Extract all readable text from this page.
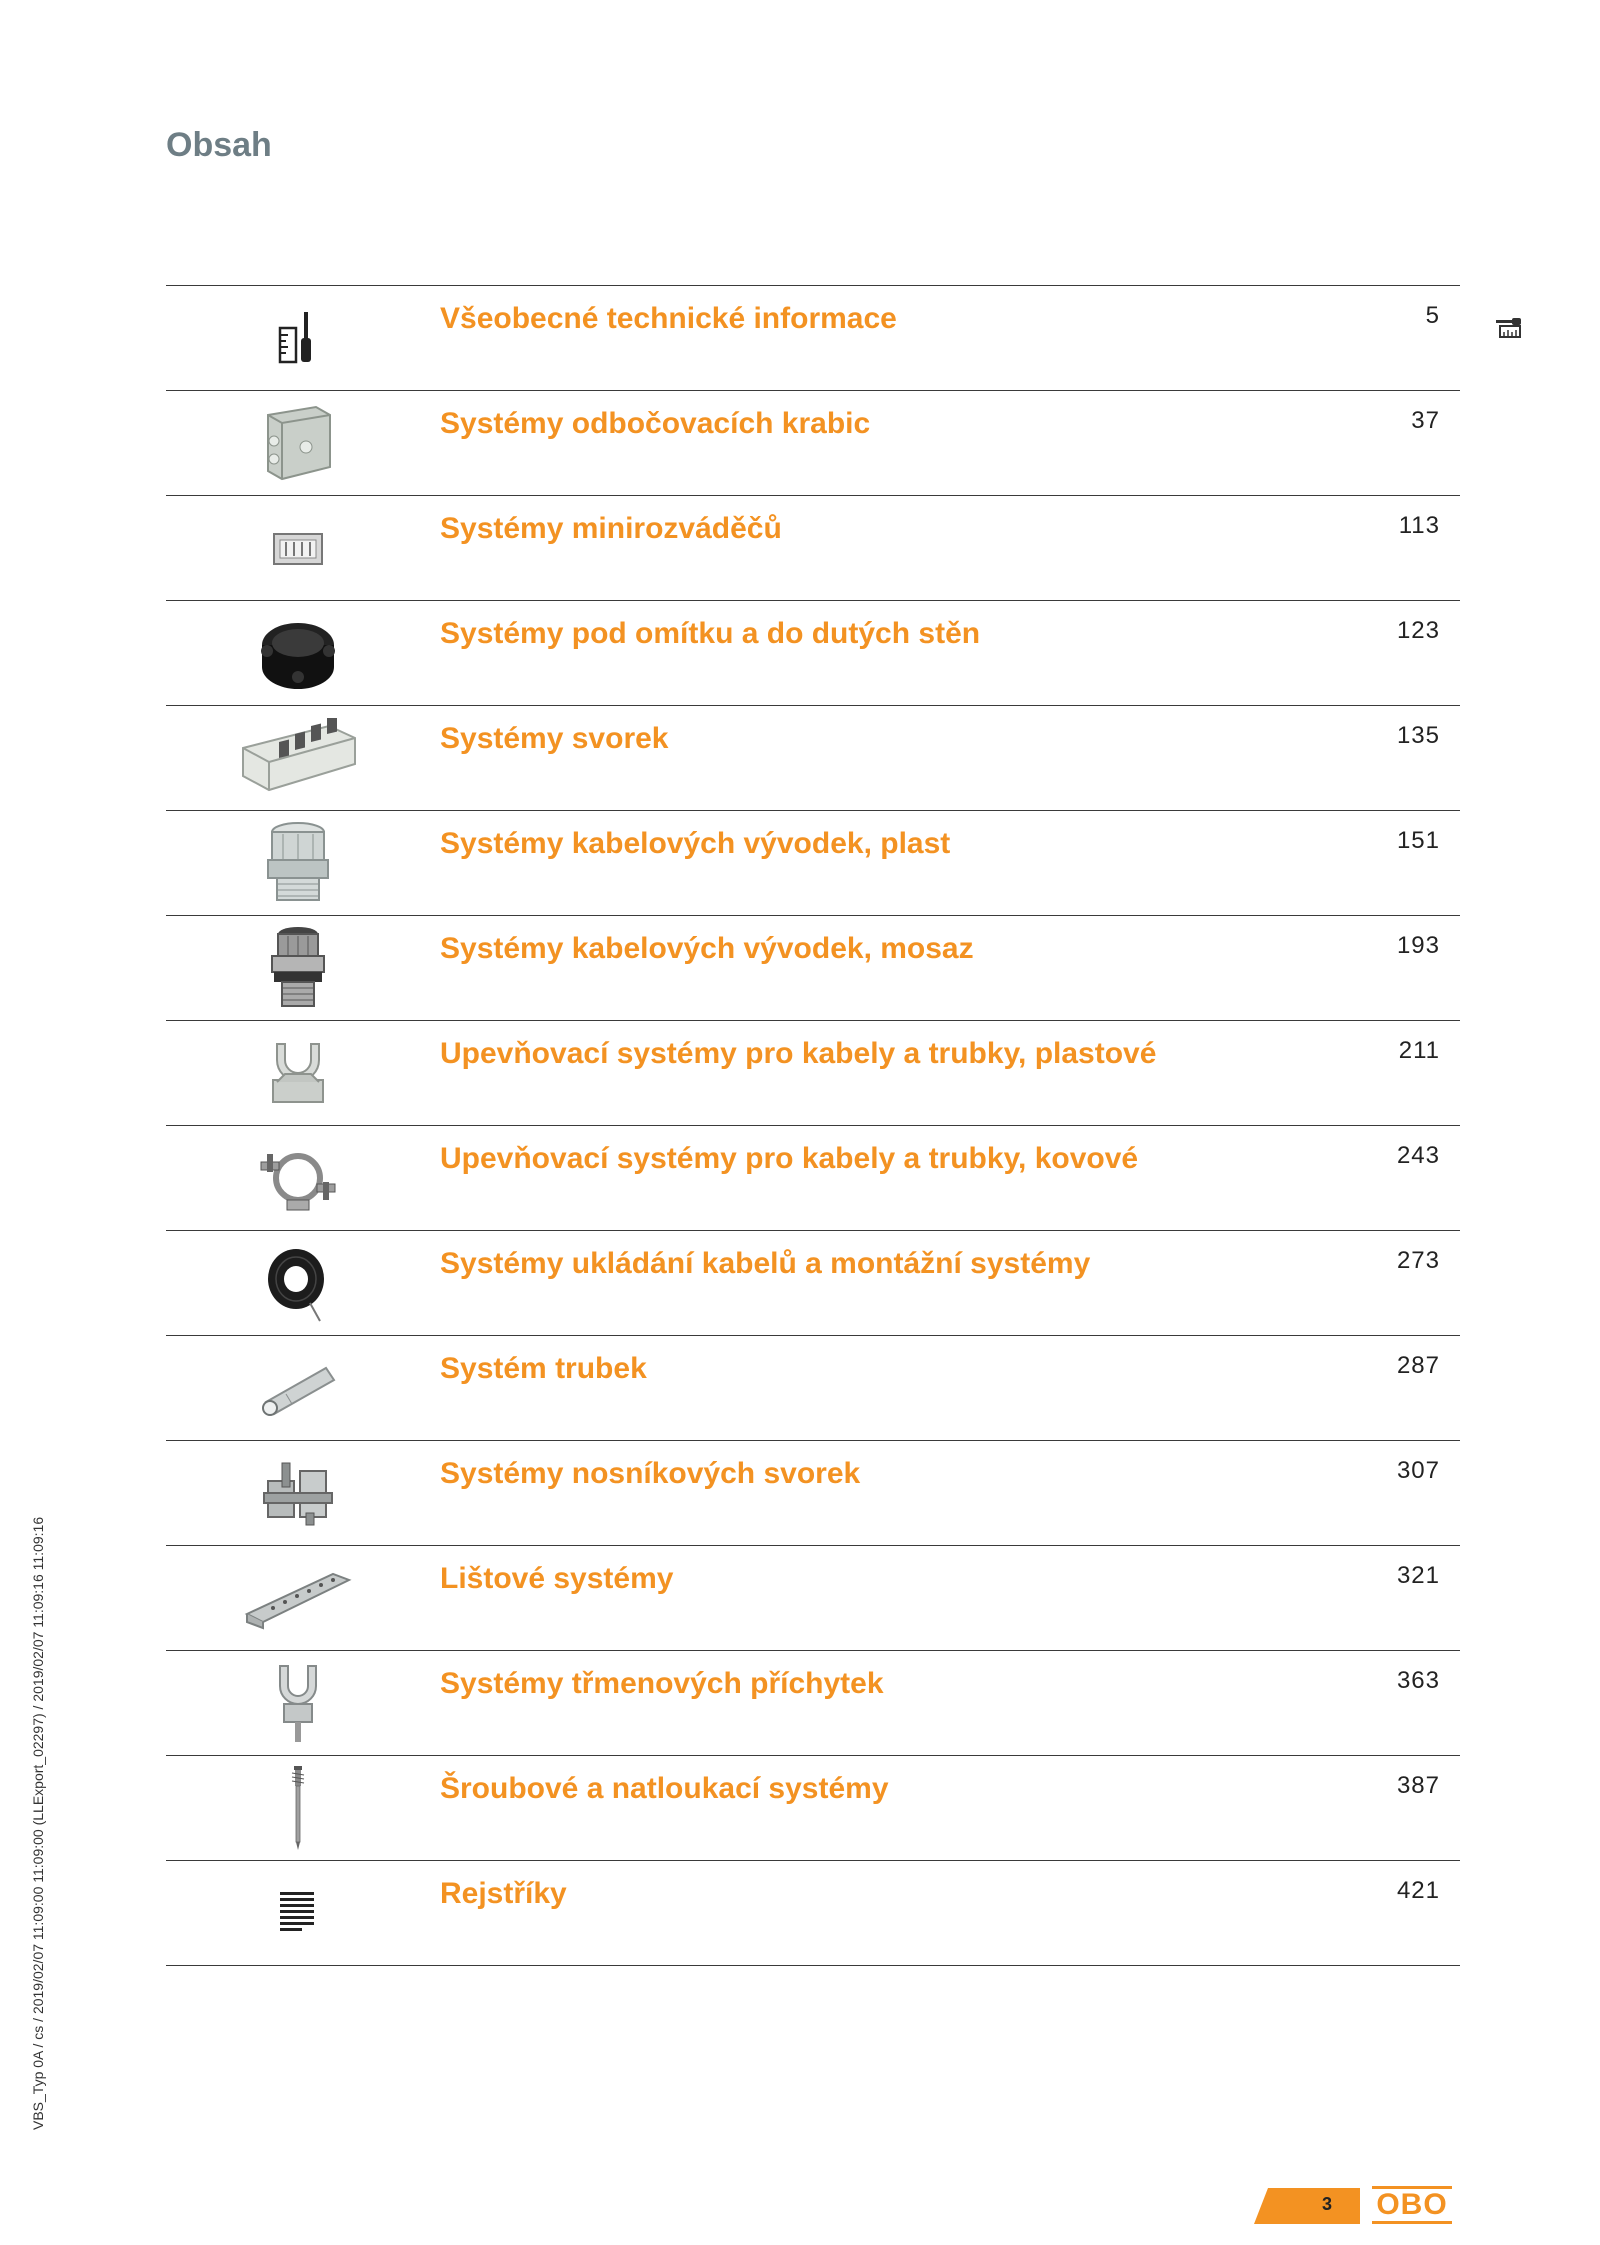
Obsah
Všeobecné technické informace	5
Systémy odbočovacích krabic	37
Systémy minirozváděčů	113
Systémy pod omítku a do dutých stěn	123
Systémy svorek	135
Systémy kabelových vývodek, plast	151
Systémy kabelových vývodek, mosaz	193
Upevňovací systémy pro kabely a trubky, plastové	211
Upevňovací systémy pro kabely a trubky, kovové	243
Systémy ukládání kabelů a montážní systémy	273
Systém trubek	287
Systémy nosníkových svorek	307
Lištové systémy	321
Systémy třmenových příchytek	363
Šroubové a natloukací systémy	387
Rejstříky	421
VBS_Typ 0A / cs / 2019/02/07 11:09:00 11:09:00 (LLExport_02297) / 2019/02/07 11:09:16 11:09:16
3 OBO
